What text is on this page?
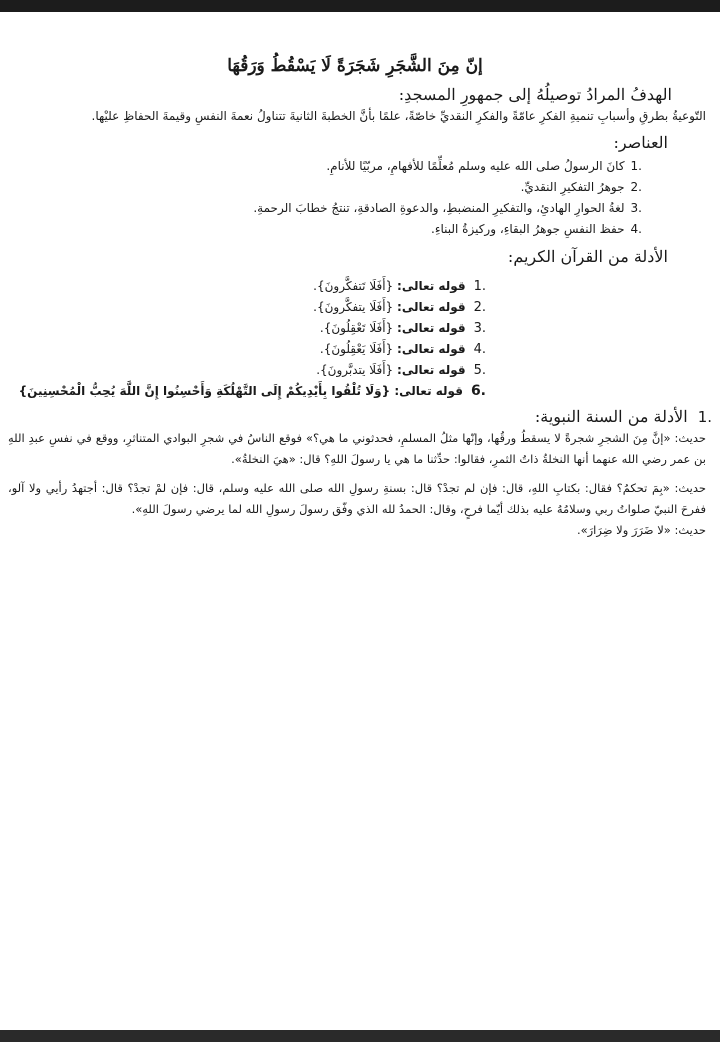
إنّ مِنَ الشَّجَرِ شَجَرَةً لَا يَسْقُطُ وَرَقُهَا
الهدفُ المرادُ توصيلُهُ إلى جمهورِ المسجدِ:
التّوعيةُ بطرقِ وأسبابِ تنميةِ الفكرِ عامّةً والفكرِ النقديِّ خاصّةً، علمًا بأنَّ الخطبةَ الثانيةَ تتناولُ نعمةَ النفسِ وقيمةَ الحفاظِ عليْها.
العناصر:
1.
كانَ الرسولُ صلى الله عليه وسلم مُعلِّمًا للأفهامِ، مربّيًا للأنامِ.
2.
جوهرُ التفكيرِ النقديِّ.
3.
لغةُ الحوارِ الهادئِ، والتفكيرِ المنضبطِ، والدعوةِ الصادقةِ، تنتجُ خطابَ الرحمةِ.
4.
حفظ النفسِ جوهرُ البقاءِ، وركيزةُ البناءِ.
الأدلة من القرآن الكريم:
1.
قوله تعالى: {أَفَلَا تَتفكَّرونَ}.
2.
قوله تعالى: {أَفَلَا يتفكَّرونَ}.
3.
قوله تعالى: {أَفَلَا تَعْقِلُونَ}.
4.
قوله تعالى: {أَفَلَا يَعْقِلُونَ}.
5.
قوله تعالى: {أَفَلَا يتدبَّرونَ}.
6.
قوله تعالى: {وَلَا تُلْقُوا بِأَيْدِيكُمْ إِلَى التَّهْلُكَةِ وَأَحْسِنُوا إِنَّ اللَّهَ يُحِبُّ الْمُحْسِنِينَ}
1.
الأدلة من السنة النبوية:
حديث: «إنَّ مِنَ الشجرِ شجرةً لا يسقطُ ورقُها، وإنّها مثلُ المسلمِ، فحدثوني ما هي؟» فوقع الناسُ في شجرِ البوادي المتناثرِ، ووقع في نفسِ عبدِ اللهِ بن عمر رضي الله عنهما أنها النخلةُ ذاتُ الثمرِ، فقالوا: حدِّثنا ما هي يا رسولَ اللهِ؟ قال: «هيَ النخلةُ».
حديث: «بِمَ تحكمُ؟ فقال: بكتابِ اللهِ، قال: فإن لم تجدْ؟ قال: بسنةِ رسولِ الله صلى الله عليه وسلم، قال: فإن لمْ تجدْ؟ قال: أجتهدُ رأيي ولا آلو، ففرحَ النبيّ صلواتُ ربي وسلامُهُ عليه بذلك أيّما فرحٍ، وقال: الحمدُ لله الذي وفّق رسولَ رسولِ الله لما يرضي رسولَ اللهِ».
حديث: «لا ضَرَرَ ولا ضِرَارَ».
